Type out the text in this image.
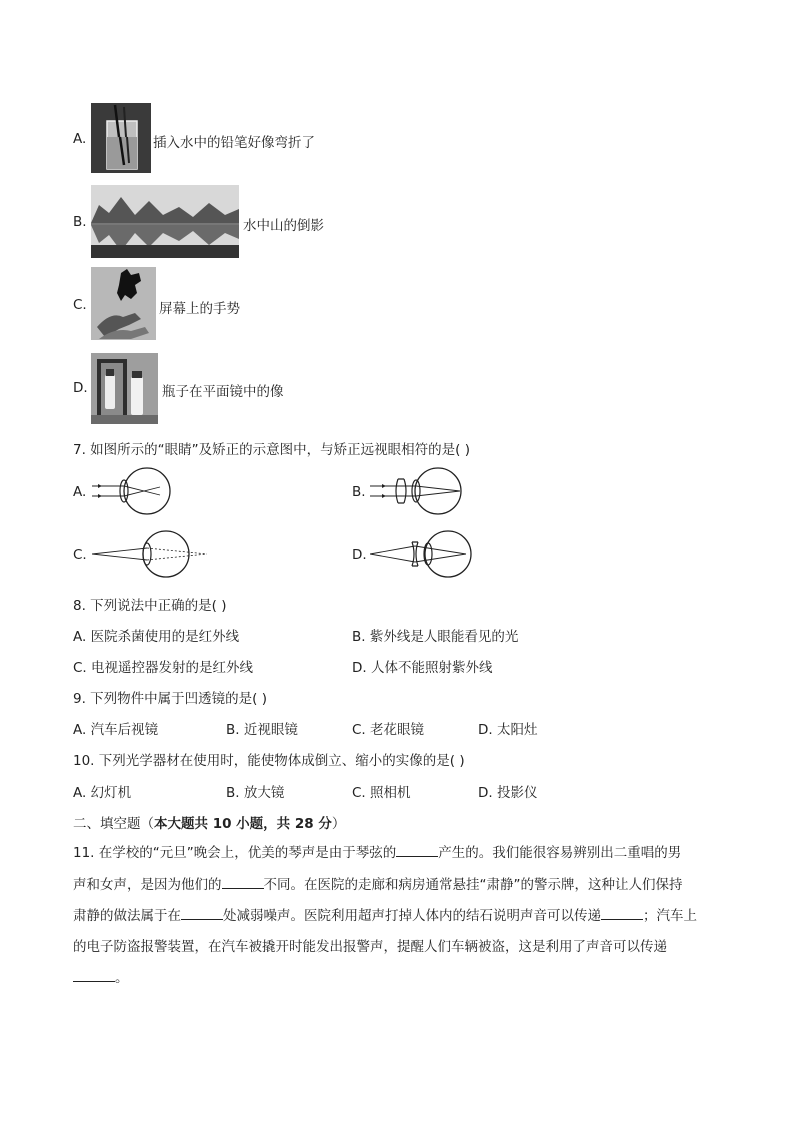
A.	插入水中的铅笔好像弯折了
B.	水中山的倒影
C.	屏幕上的手势
D.	瓶子在平面镜中的像
7. 如图所示的“眼睛”及矫正的示意图中，与矫正远视眼相符的是( )
A.	B.
C.	D.
8. 下列说法中正确的是( )
A. 医院杀菌使用的是红外线	B. 紫外线是人眼能看见的光
C. 电视遥控器发射的是红外线	D. 人体不能照射紫外线
9. 下列物件中属于凹透镜的是( )
A. 汽车后视镜	B. 近视眼镜	C. 老花眼镜	D. 太阳灶
10. 下列光学器材在使用时，能使物体成倒立、缩小的实像的是( )
A. 幻灯机	B. 放大镜	C. 照相机	D. 投影仪
二、填空题（本大题共 10 小题，共 28 分）
11. 在学校的“元旦”晚会上，优美的琴声是由于琴弦的	产生的。我们能很容易辨别出二重唱的男
声和女声，是因为他们的	不同。在医院的走廊和病房通常悬挂“肃静”的警示牌，这种让人们保持
肃静的做法属于在	处减弱噪声。医院利用超声打掉人体内的结石说明声音可以传递	；汽车上
的电子防盗报警装置，在汽车被撬开时能发出报警声，提醒人们车辆被盗，这是利用了声音可以传递
。
